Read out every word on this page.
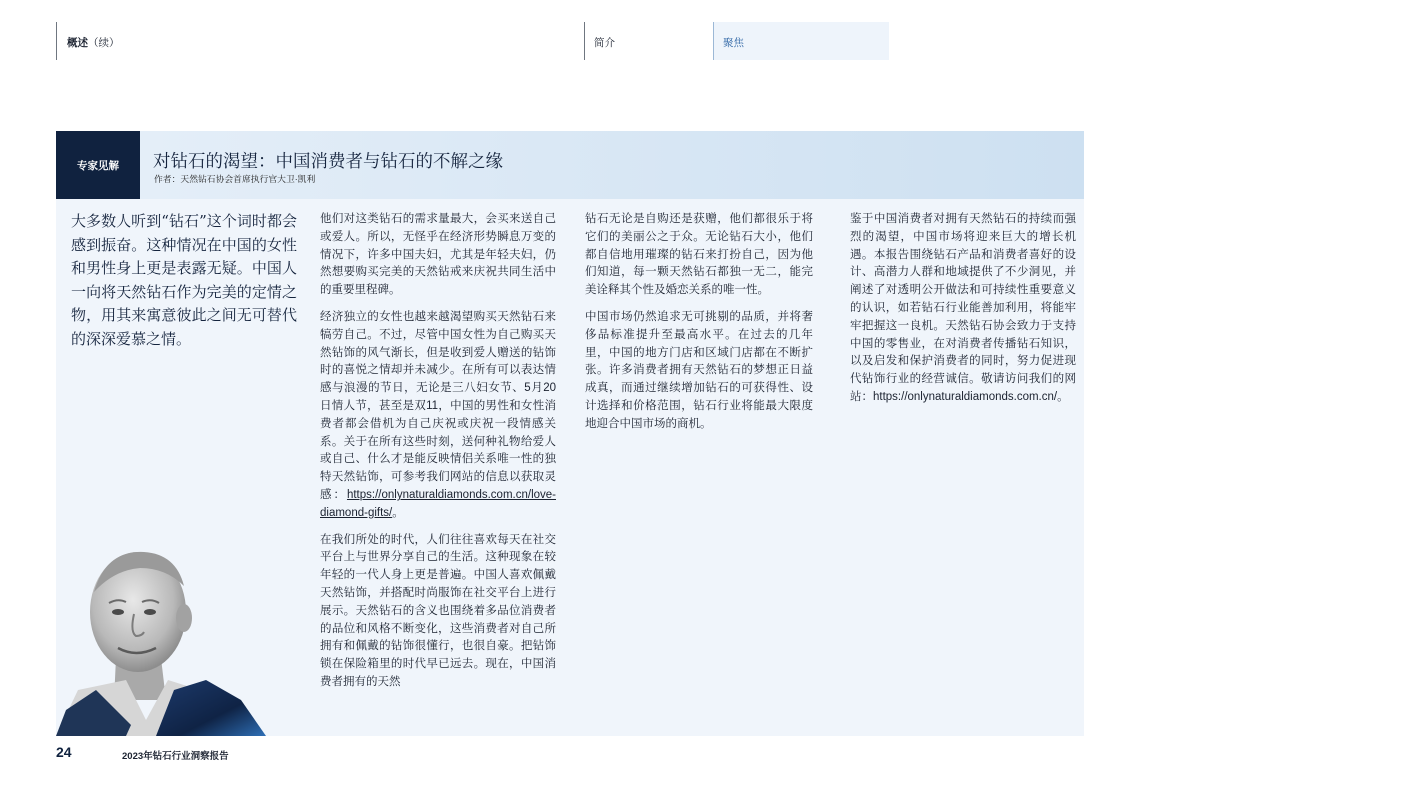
概述（续）	简介	聚焦
专家见解	对钻石的渴望：中国消费者与钻石的不解之缘
作者：天然钻石协会首席执行官大卫·凯利

大多数人听到“钻石”这个词时都会感到振奋。这种情况在中国的女性和男性身上更是表露无疑。中国人一向将天然钻石作为完美的定情之物，用其来寓意彼此之间无可替代的深深爱慕之情。

他们对这类钻石的需求量最大，会买来送自己或爱人。所以，无怪乎在经济形势瞬息万变的情况下，许多中国夫妇，尤其是年轻夫妇，仍然想要购买完美的天然钻戒来庆祝共同生活中的重要里程碑。

经济独立的女性也越来越渴望购买天然钻石来犒劳自己。不过，尽管中国女性为自己购买天然钻饰的风气渐长，但是收到爱人赠送的钻饰时的喜悦之情却并未减少。在所有可以表达情感与浪漫的节日，无论是三八妇女节、5月20日情人节，甚至是双11，中国的男性和女性消费者都会借机为自己庆祝或庆祝一段情感关系。关于在所有这些时刻，送何种礼物给爱人或自己、什么才是能反映情侣关系唯一性的独特天然钻饰，可参考我们网站的信息以获取灵感：https://onlynaturaldiamonds.com.cn/love-diamond-gifts/。

在我们所处的时代，人们往往喜欢每天在社交平台上与世界分享自己的生活。这种现象在较年轻的一代人身上更是普遍。中国人喜欢佩戴天然钻饰，并搭配时尚服饰在社交平台上进行展示。天然钻石的含义也围绕着多品位消费者的品位和风格不断变化，这些消费者对自己所拥有和佩戴的钻饰很懂行，也很自豪。把钻饰锁在保险箱里的时代早已远去。现在，中国消费者拥有的天然

钻石无论是自购还是获赠，他们都很乐于将它们的美丽公之于众。无论钻石大小，他们都自信地用璀璨的钻石来打扮自己，因为他们知道，每一颗天然钻石都独一无二，能完美诠释其个性及婚恋关系的唯一性。

中国市场仍然追求无可挑剔的品质，并将奢侈品标准提升至最高水平。在过去的几年里，中国的地方门店和区域门店都在不断扩张。许多消费者拥有天然钻石的梦想正日益成真，而通过继续增加钻石的可获得性、设计选择和价格范围，钻石行业将能最大限度地迎合中国市场的商机。

鉴于中国消费者对拥有天然钻石的持续而强烈的渴望，中国市场将迎来巨大的增长机遇。本报告围绕钻石产品和消费者喜好的设计、高潜力人群和地域提供了不少洞见，并阐述了对透明公开做法和可持续性重要意义的认识，如若钻石行业能善加利用，将能牢牢把握这一良机。天然钻石协会致力于支持中国的零售业，在对消费者传播钻石知识，以及启发和保护消费者的同时，努力促进现代钻饰行业的经营诚信。敬请访问我们的网站：https://onlynaturaldiamonds.com.cn/。

24	2023年钻石行业洞察报告
